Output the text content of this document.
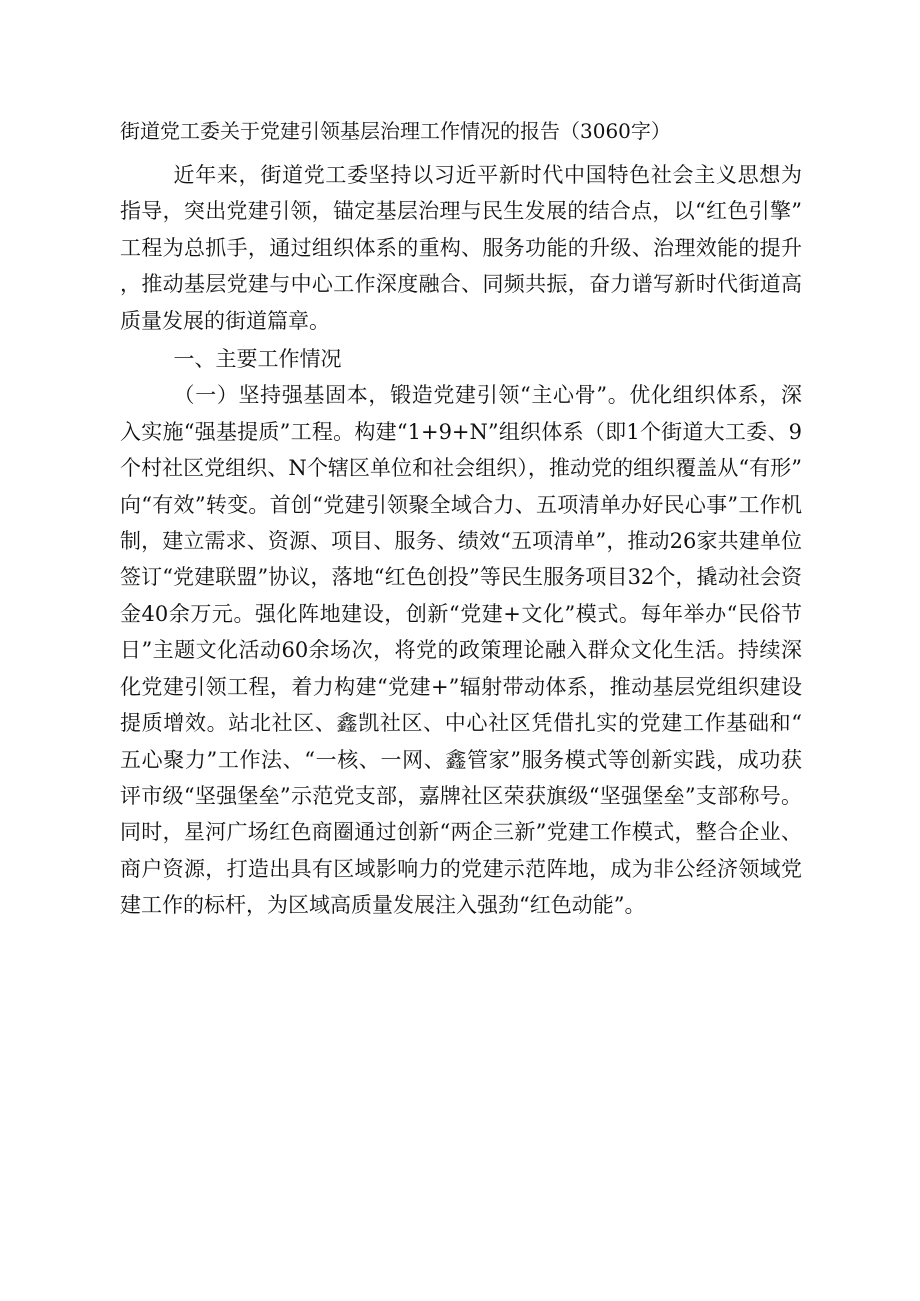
街道党工委关于党建引领基层治理工作情况的报告（3060字）

近年来，街道党工委坚持以习近平新时代中国特色社会主义思想为指导，突出党建引领，锚定基层治理与民生发展的结合点，以“红色引擎”工程为总抓手，通过组织体系的重构、服务功能的升级、治理效能的提升，推动基层党建与中心工作深度融合、同频共振，奋力谱写新时代街道高质量发展的街道篇章。

一、主要工作情况

（一）坚持强基固本，锻造党建引领“主心骨”。优化组织体系，深入实施“强基提质”工程。构建“1+9+N”组织体系（即1个街道大工委、9个村社区党组织、N个辖区单位和社会组织），推动党的组织覆盖从“有形”向“有效”转变。首创“党建引领聚全域合力、五项清单办好民心事”工作机制，建立需求、资源、项目、服务、绩效“五项清单”，推动26家共建单位签订“党建联盟”协议，落地“红色创投”等民生服务项目32个，撬动社会资金40余万元。强化阵地建设，创新“党建+文化”模式。每年举办“民俗节日”主题文化活动60余场次，将党的政策理论融入群众文化生活。持续深化党建引领工程，着力构建“党建+”辐射带动体系，推动基层党组织建设提质增效。站北社区、鑫凯社区、中心社区凭借扎实的党建工作基础和“五心聚力”工作法、“一核、一网、鑫管家”服务模式等创新实践，成功获评市级“坚强堡垒”示范党支部，嘉牌社区荣获旗级“坚强堡垒”支部称号。同时，星河广场红色商圈通过创新“两企三新”党建工作模式，整合企业、商户资源，打造出具有区域影响力的党建示范阵地，成为非公经济领域党建工作的标杆，为区域高质量发展注入强劲“红色动能”。
